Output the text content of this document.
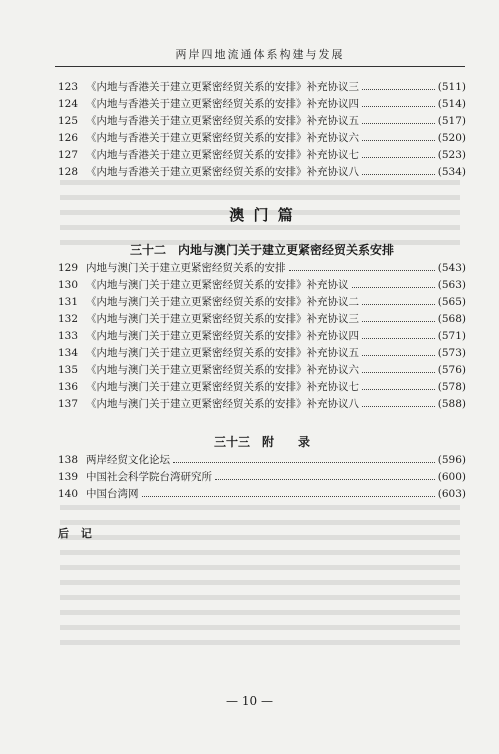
两岸四地流通体系构建与发展
123 《内地与香港关于建立更紧密经贸关系的安排》补充协议三	(511)
124 《内地与香港关于建立更紧密经贸关系的安排》补充协议四	(514)
125 《内地与香港关于建立更紧密经贸关系的安排》补充协议五	(517)
126 《内地与香港关于建立更紧密经贸关系的安排》补充协议六	(520)
127 《内地与香港关于建立更紧密经贸关系的安排》补充协议七	(523)
128 《内地与香港关于建立更紧密经贸关系的安排》补充协议八	(534)
澳 门 篇
三十二　内地与澳门关于建立更紧密经贸关系安排
129 内地与澳门关于建立更紧密经贸关系的安排	(543)
130 《内地与澳门关于建立更紧密经贸关系的安排》补充协议	(563)
131 《内地与澳门关于建立更紧密经贸关系的安排》补充协议二	(565)
132 《内地与澳门关于建立更紧密经贸关系的安排》补充协议三	(568)
133 《内地与澳门关于建立更紧密经贸关系的安排》补充协议四	(571)
134 《内地与澳门关于建立更紧密经贸关系的安排》补充协议五	(573)
135 《内地与澳门关于建立更紧密经贸关系的安排》补充协议六	(576)
136 《内地与澳门关于建立更紧密经贸关系的安排》补充协议七	(578)
137 《内地与澳门关于建立更紧密经贸关系的安排》补充协议八	(588)
三十三　附　　录
138 两岸经贸文化论坛	(596)
139 中国社会科学院台湾研究所	(600)
140 中国台湾网	(603)
后 记
— 10 —
